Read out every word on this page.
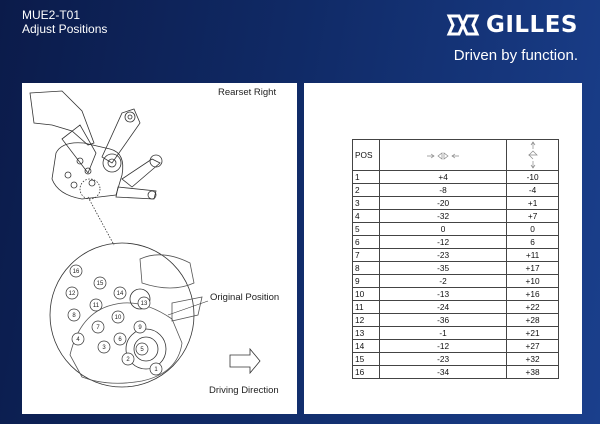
MUE2-T01
Adjust Positions	GILLES
Driven by function.
16
15
14
13
12
11
10
9
8
7
6
5
4
3
2
1
Rearset Right
Original Position
Driving Direction
POS		
1	+4	-10
2	-8	-4
3	-20	+1
4	-32	+7
5	0	0
6	-12	6
7	-23	+11
8	-35	+17
9	-2	+10
10	-13	+16
11	-24	+22
12	-36	+28
13	-1	+21
14	-12	+27
15	-23	+32
16	-34	+38
